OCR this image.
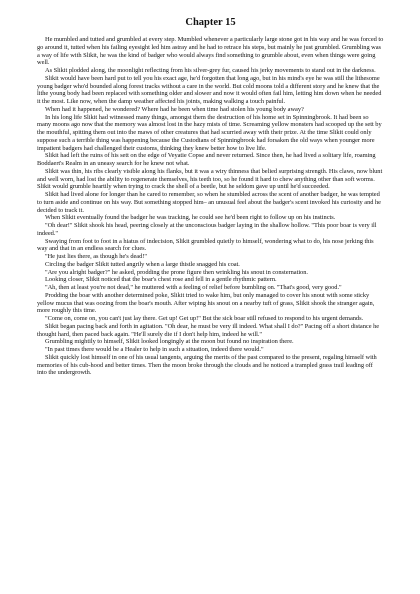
Chapter 15

He mumbled and tutted and grumbled at every step. Mumbled whenever a particularly large stone got in his way and he was forced to go around it, tutted when his failing eyesight led him astray and he had to retrace his steps, but mainly he just grumbled. Grumbling was a way of life with Slikit, he was the kind of badger who would always find something to grumble about, even when things were going well.

As Slikit plodded along, the moonlight reflecting from his silver-grey fur, caused his jerky movements to stand out in the darkness.

Slikit would have been hard put to tell you his exact age, he'd forgotten that long ago, but in his mind's eye he was still the lithesome young badger who'd bounded along forest tracks without a care in the world. But cold moons told a different story and he knew that the lithe young body had been replaced with something older and slower and now it would often fail him, letting him down when he needed it the most. Like now, when the damp weather affected his joints, making walking a touch painful.

When had it happened, he wondered? Where had he been when time had stolen his young body away?

In his long life Slikit had witnessed many things, amongst them the destruction of his home set in Spinningbrook. It had been so many moons ago now that the memory was almost lost in the hazy mists of time. Screaming yellow monsters had scooped up the sett by the mouthful, spitting them out into the maws of other creatures that had scurried away with their prize. At the time Slikit could only suppose such a terrible thing was happening because the Custodians of Spinningbrook had forsaken the old ways when younger more impatient badgers had challenged their customs, thinking they knew better how to live life.

Slikit had left the ruins of his sett on the edge of Veyatie Copse and never returned. Since then, he had lived a solitary life, roaming Boddaert's Realm in an uneasy search for he knew not what.

Slikit was thin, his ribs clearly visible along his flanks, but it was a wiry thinness that belied surprising strength. His claws, now blunt and well worn, had lost the ability to regenerate themselves, his teeth too, so he found it hard to chew anything other than soft worms. Slikit would grumble heartily when trying to crack the shell of a beetle, but he seldom gave up until he'd succeeded.

Slikit had lived alone for longer than he cared to remember, so when he stumbled across the scent of another badger, he was tempted to turn aside and continue on his way. But something stopped him– an unusual feel about the badger's scent invoked his curiosity and he decided to track it.

When Slikit eventually found the badger he was tracking, he could see he'd been right to follow up on his instincts.

"Oh dear!" Slikit shook his head, peering closely at the unconscious badger laying in the shallow hollow. "This poor boar is very ill indeed."

Swaying from foot to foot in a hiatus of indecision, Slikit grumbled quietly to himself, wondering what to do, his nose jerking this way and that in an endless search for clues.

"He just lies there, as though he's dead!"

Circling the badger Slikit tutted angrily when a large thistle snagged his coat.

"Are you alright badger?" he asked, prodding the prone figure then wrinkling his snout in consternation.

Looking closer, Slikit noticed that the boar's chest rose and fell in a gentle rhythmic pattern.

"Ah, then at least you're not dead," he muttered with a feeling of relief before bumbling on. "That's good, very good."

Prodding the boar with another determined poke, Slikit tried to wake him, but only managed to cover his snout with some sticky yellow mucus that was oozing from the boar's mouth. After wiping his snout on a nearby tuft of grass, Slikit shook the stranger again, more roughly this time.

"Come on, come on, you can't just lay there. Get up! Get up!" But the sick boar still refused to respond to his urgent demands.

Slikit began pacing back and forth in agitation. "Oh dear, he must be very ill indeed. What shall I do?" Pacing off a short distance he thought hard, then paced back again. "He'll surely die if I don't help him, indeed he will."

Grumbling mightily to himself, Slikit looked longingly at the moon but found no inspiration there.

"In past times there would be a Healer to help in such a situation, indeed there would."

Slikit quickly lost himself in one of his usual tangents, arguing the merits of the past compared to the present, regaling himself with memories of his cub-hood and better times. Then the moon broke through the clouds and he noticed a trampled grass trail leading off into the undergrowth.
